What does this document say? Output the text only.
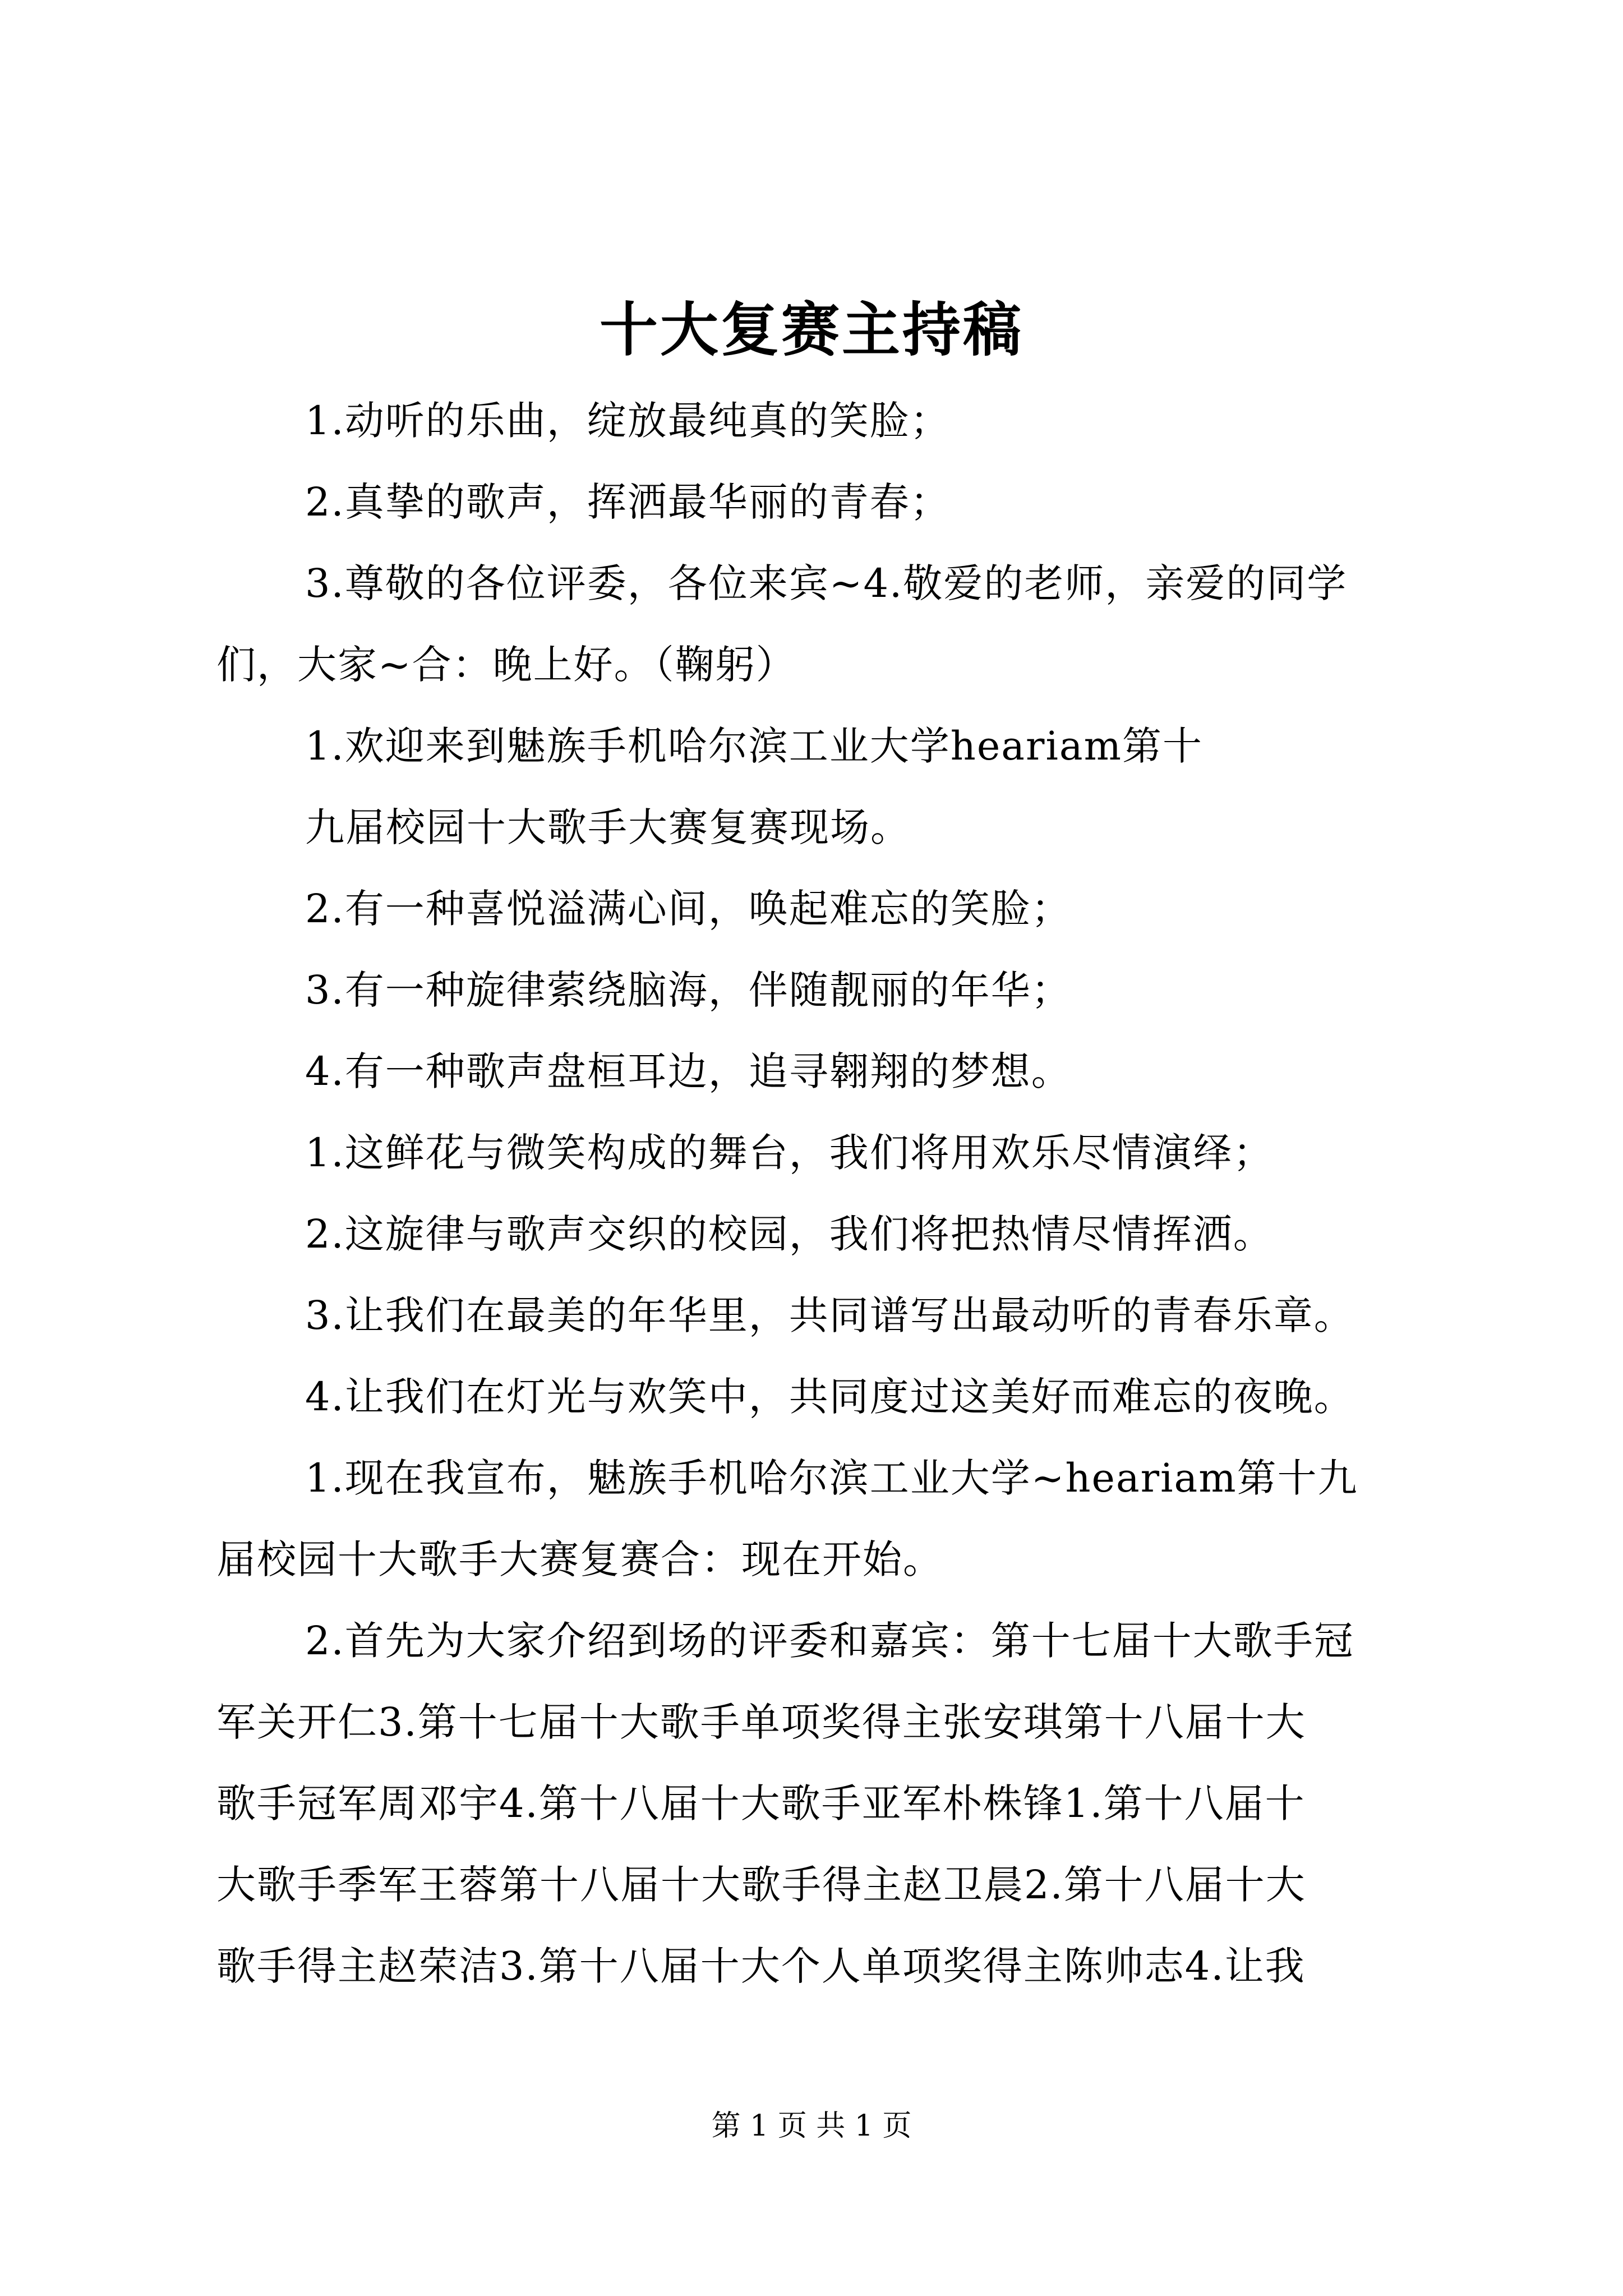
十大复赛主持稿
1.动听的乐曲，绽放最纯真的笑脸；
2.真挚的歌声，挥洒最华丽的青春；
3.尊敬的各位评委，各位来宾~4.敬爱的老师，亲爱的同学
们，大家~合：晚上好。（鞠躬）
1.欢迎来到魅族手机哈尔滨工业大学heariam第十
九届校园十大歌手大赛复赛现场。
2.有一种喜悦溢满心间，唤起难忘的笑脸；
3.有一种旋律萦绕脑海，伴随靓丽的年华；
4.有一种歌声盘桓耳边，追寻翱翔的梦想。
1.这鲜花与微笑构成的舞台，我们将用欢乐尽情演绎；
2.这旋律与歌声交织的校园，我们将把热情尽情挥洒。
3.让我们在最美的年华里，共同谱写出最动听的青春乐章。
4.让我们在灯光与欢笑中，共同度过这美好而难忘的夜晚。
1.现在我宣布，魅族手机哈尔滨工业大学~heariam第十九
届校园十大歌手大赛复赛合：现在开始。
2.首先为大家介绍到场的评委和嘉宾：第十七届十大歌手冠
军关开仁3.第十七届十大歌手单项奖得主张安琪第十八届十大
歌手冠军周邓宇4.第十八届十大歌手亚军朴株锋1.第十八届十
大歌手季军王蓉第十八届十大歌手得主赵卫晨2.第十八届十大
歌手得主赵荣洁3.第十八届十大个人单项奖得主陈帅志4.让我
第 1 页 共 1 页
